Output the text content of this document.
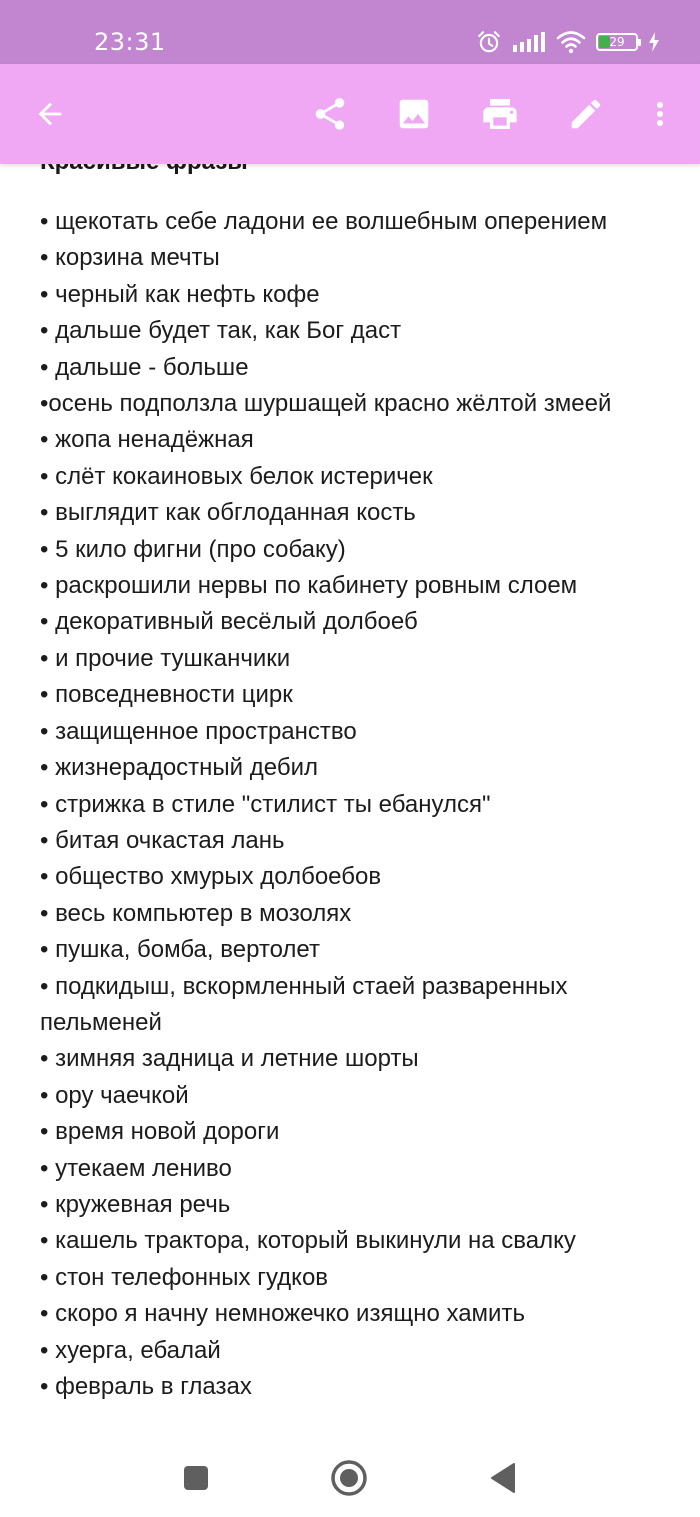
23:31	29
• щекотать себе ладони ее волшебным оперением
• корзина мечты
• черный как нефть кофе
• дальше будет так, как Бог даст
• дальше - больше
•осень подползла шуршащей красно жёлтой змеей
• жопа ненадёжная
• слёт кокаиновых белок истеричек
• выглядит как обглоданная кость
• 5 кило фигни (про собаку)
• раскрошили нервы по кабинету ровным слоем
• декоративный весёлый долбоеб
• и прочие тушканчики
• повседневности цирк
• защищенное пространство
• жизнерадостный дебил
• стрижка в стиле "стилист ты ебанулся"
• битая очкастая лань
• общество хмурых долбоебов
• весь компьютер в мозолях
• пушка, бомба, вертолет
• подкидыш, вскормленный стаей разваренных пельменей
• зимняя задница и летние шорты
• ору чаечкой
• время новой дороги
• утекаем лениво
• кружевная речь
• кашель трактора, который выкинули на свалку
• стон телефонных гудков
• скоро я начну немножечко изящно хамить
• хуерга, ебалай
• февраль в глазах
